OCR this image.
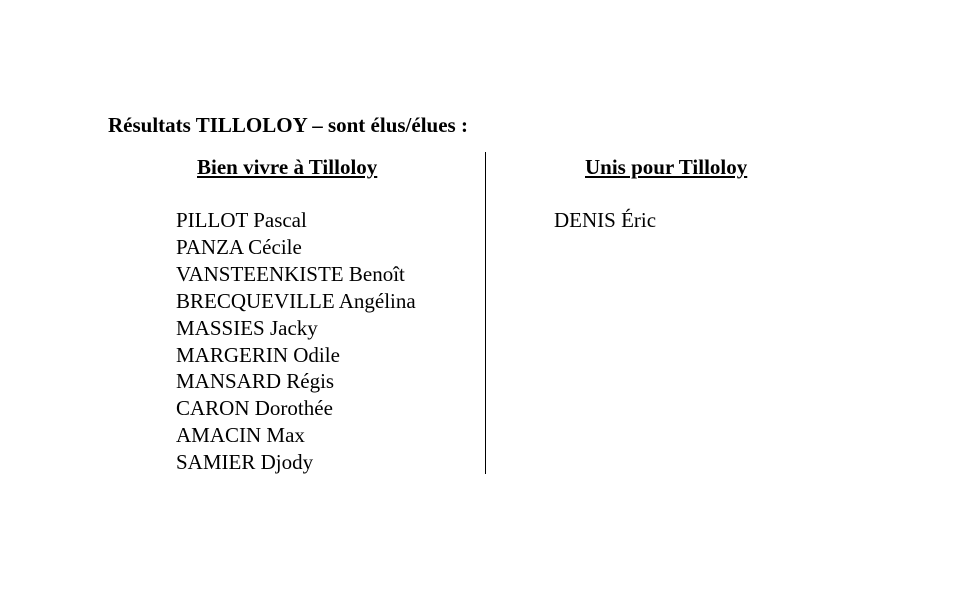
Résultats TILLOLOY – sont élus/élues :
Bien vivre à Tilloloy	Unis pour Tilloloy
PILLOT Pascal
PANZA Cécile
VANSTEENKISTE Benoît
BRECQUEVILLE Angélina
MASSIES Jacky
MARGERIN Odile
MANSARD Régis
CARON Dorothée
AMACIN Max
SAMIER Djody
DENIS Éric
